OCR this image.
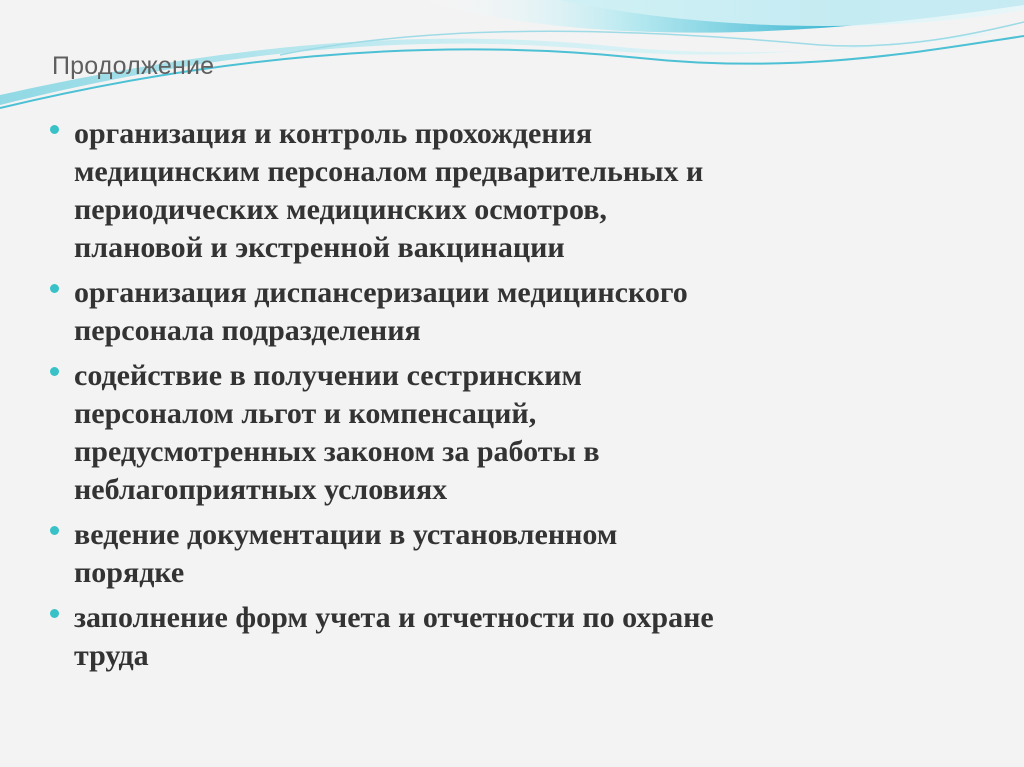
Продолжение
организация и контроль прохождения
медицинским персоналом предварительных и
периодических медицинских осмотров,
плановой и экстренной вакцинации
организация диспансеризации медицинского
персонала подразделения
содействие в получении сестринским
персоналом льгот и компенсаций,
предусмотренных законом за работы в
неблагоприятных условиях
ведение документации в установленном
порядке
заполнение форм учета и отчетности по охране
труда
